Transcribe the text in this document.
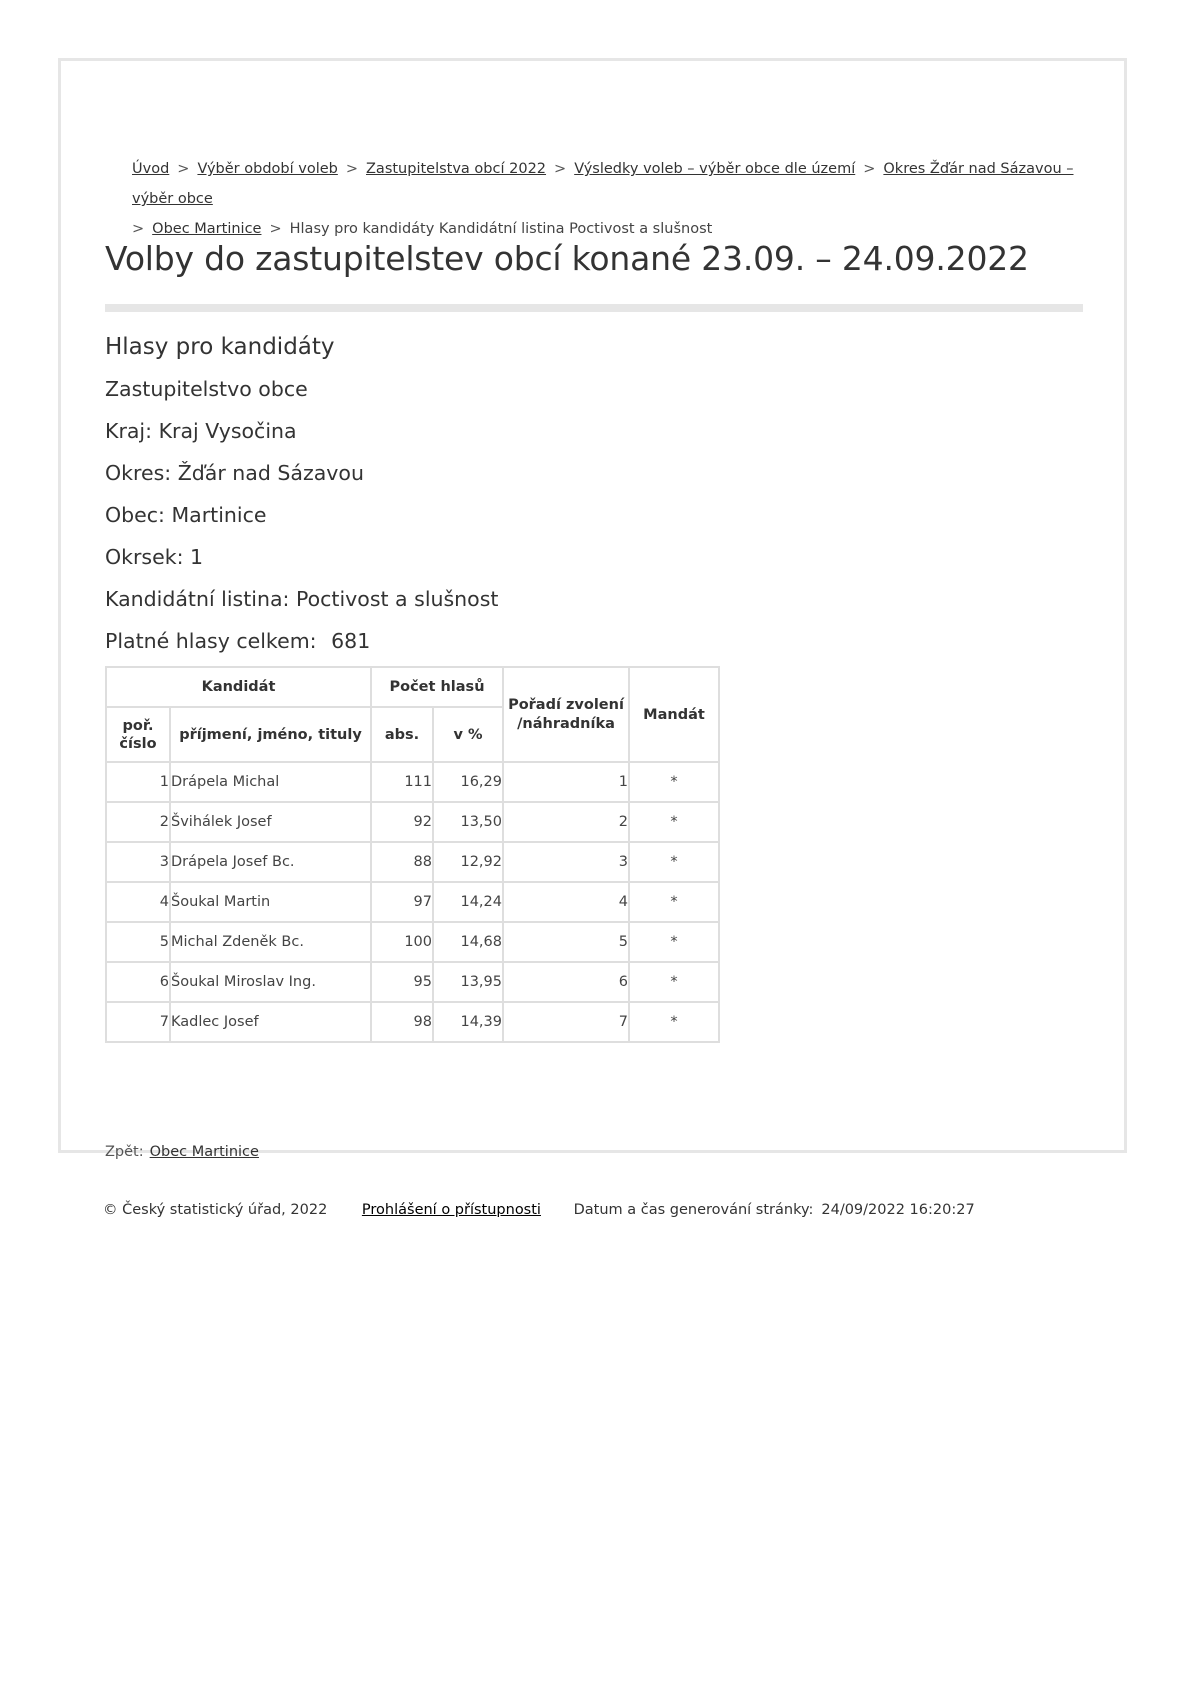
Úvod > Výběr období voleb > Zastupitelstva obcí 2022 > Výsledky voleb – výběr obce dle území > Okres Žďár nad Sázavou – výběr obce
> Obec Martinice > Hlasy pro kandidáty Kandidátní listina Poctivost a slušnost
Volby do zastupitelstev obcí konané 23.09. – 24.09.2022
Hlasy pro kandidáty
Zastupitelstvo obce
Kraj: Kraj Vysočina
Okres: Žďár nad Sázavou
Obec: Martinice
Okrsek: 1
Kandidátní listina: Poctivost a slušnost
Platné hlasy celkem: 681
Kandidát		Počet hlasů		Pořadí zvolení /náhradníka	Mandát
poř. číslo	příjmení, jméno, tituly	abs.	v %		
1	Drápela Michal	111	16,29	1	*
2	Švihálek Josef	92	13,50	2	*
3	Drápela Josef Bc.	88	12,92	3	*
4	Šoukal Martin	97	14,24	4	*
5	Michal Zdeněk Bc.	100	14,68	5	*
6	Šoukal Miroslav Ing.	95	13,95	6	*
7	Kadlec Josef	98	14,39	7	*
Zpět: Obec Martinice
© Český statistický úřad, 2022 Prohlášení o přístupnosti Datum a čas generování stránky: 24/09/2022 16:20:27
